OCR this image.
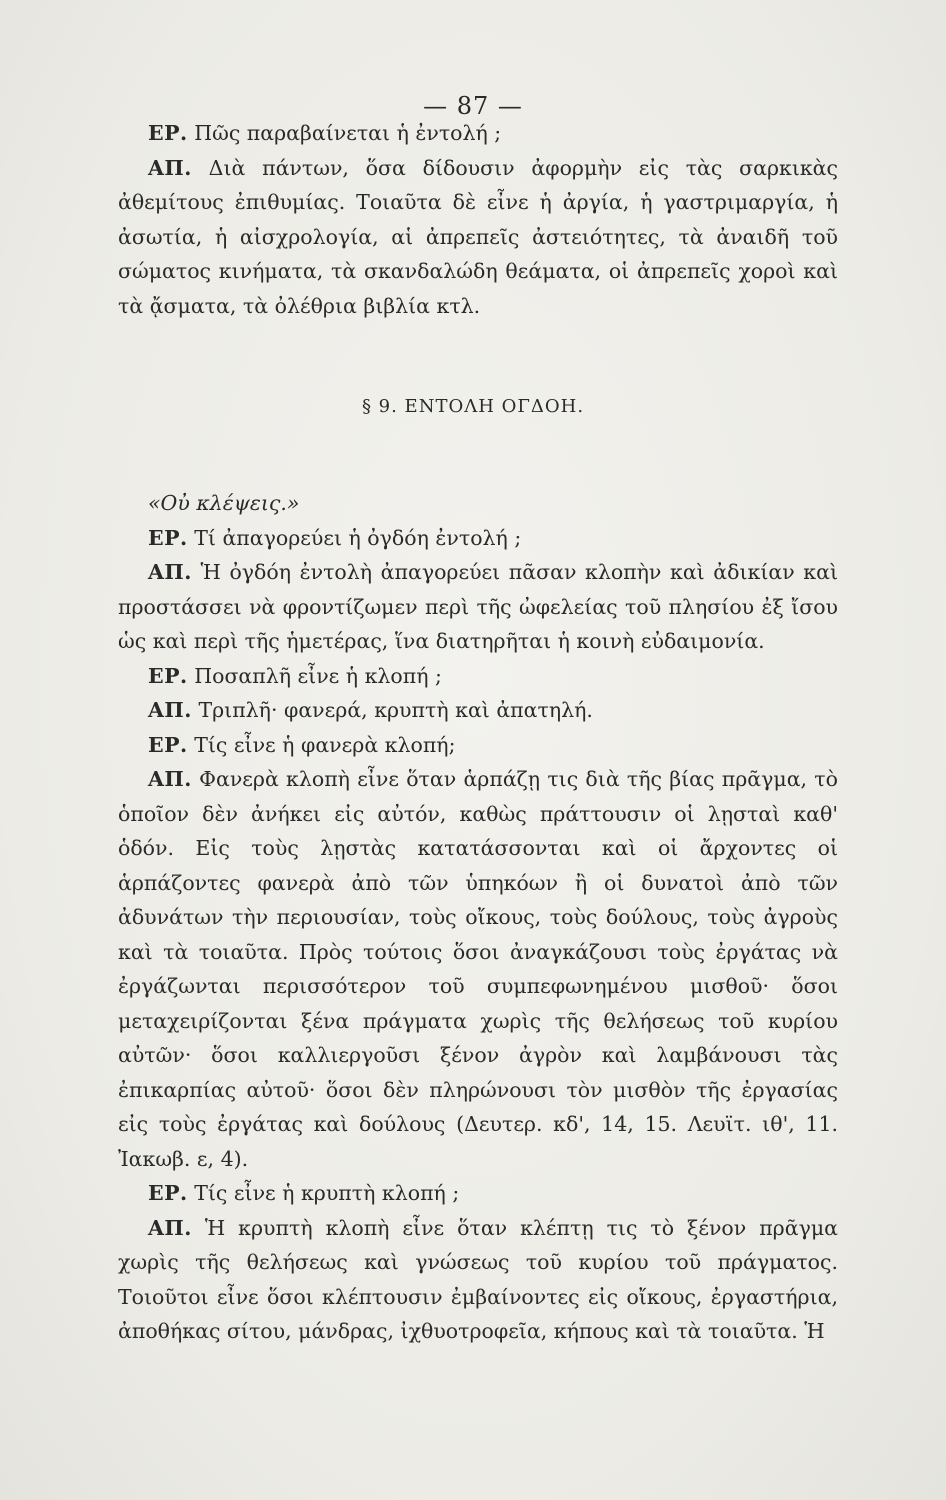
— 87 —

ΕΡ. Πῶς παραβαίνεται ἡ ἐντολή ;

ΑΠ. Διὰ πάντων, ὅσα δίδουσιν ἀφορμὴν εἰς τὰς σαρκικὰς ἀθεμίτους ἐπιθυμίας. Τοιαῦτα δὲ εἶνε ἡ ἀργία, ἡ γαστριμαργία, ἡ ἀσωτία, ἡ αἰσχρολογία, αἱ ἀπρεπεῖς ἀστειότητες, τὰ ἀναιδῆ τοῦ σώματος κινήματα, τὰ σκανδαλώδη θεάματα, οἱ ἀπρεπεῖς χοροὶ καὶ τὰ ᾄσματα, τὰ ὀλέθρια βιβλία κτλ.

§ 9. ΕΝΤΟΛΗ ΟΓΔΟΗ.

«Οὐ κλέψεις.»

ΕΡ. Τί ἀπαγορεύει ἡ ὀγδόη ἐντολή ;

ΑΠ. Ἡ ὀγδόη ἐντολὴ ἀπαγορεύει πᾶσαν κλοπὴν καὶ ἀδικίαν καὶ προστάσσει νὰ φροντίζωμεν περὶ τῆς ὠφελείας τοῦ πλησίου ἐξ ἴσου ὡς καὶ περὶ τῆς ἡμετέρας, ἵνα διατηρῆται ἡ κοινὴ εὐδαιμονία.

ΕΡ. Ποσαπλῆ εἶνε ἡ κλοπή ;

ΑΠ. Τριπλῆ· φανερά, κρυπτὴ καὶ ἀπατηλή.

ΕΡ. Τίς εἶνε ἡ φανερὰ κλοπή;

ΑΠ. Φανερὰ κλοπὴ εἶνε ὅταν ἁρπάζῃ τις διὰ τῆς βίας πρᾶγμα, τὸ ὁποῖον δὲν ἀνήκει εἰς αὐτόν, καθὼς πράττουσιν οἱ λῃσταὶ καθ' ὁδόν. Εἰς τοὺς λῃστὰς κατατάσσονται καὶ οἱ ἄρχοντες οἱ ἁρπάζοντες φανερὰ ἀπὸ τῶν ὑπηκόων ἢ οἱ δυνατοὶ ἀπὸ τῶν ἀδυνάτων τὴν περιουσίαν, τοὺς οἴκους, τοὺς δούλους, τοὺς ἀγροὺς καὶ τὰ τοιαῦτα. Πρὸς τούτοις ὅσοι ἀναγκάζουσι τοὺς ἐργάτας νὰ ἐργάζωνται περισσότερον τοῦ συμπεφωνημένου μισθοῦ· ὅσοι μεταχειρίζονται ξένα πράγματα χωρὶς τῆς θελήσεως τοῦ κυρίου αὐτῶν· ὅσοι καλλιεργοῦσι ξένον ἀγρὸν καὶ λαμβάνουσι τὰς ἐπικαρπίας αὐτοῦ· ὅσοι δὲν πληρώνουσι τὸν μισθὸν τῆς ἐργασίας εἰς τοὺς ἐργάτας καὶ δούλους (Δευτερ. κδ', 14, 15. Λευϊτ. ιθ', 11. Ἰακωβ. ε, 4).

ΕΡ. Τίς εἶνε ἡ κρυπτὴ κλοπή ;

ΑΠ. Ἡ κρυπτὴ κλοπὴ εἶνε ὅταν κλέπτῃ τις τὸ ξένον πρᾶγμα χωρὶς τῆς θελήσεως καὶ γνώσεως τοῦ κυρίου τοῦ πράγματος. Τοιοῦτοι εἶνε ὅσοι κλέπτουσιν ἐμβαίνοντες εἰς οἴκους, ἐργαστήρια, ἀποθήκας σίτου, μάνδρας, ἰχθυοτροφεῖα, κήπους καὶ τὰ τοιαῦτα. Ἡ
